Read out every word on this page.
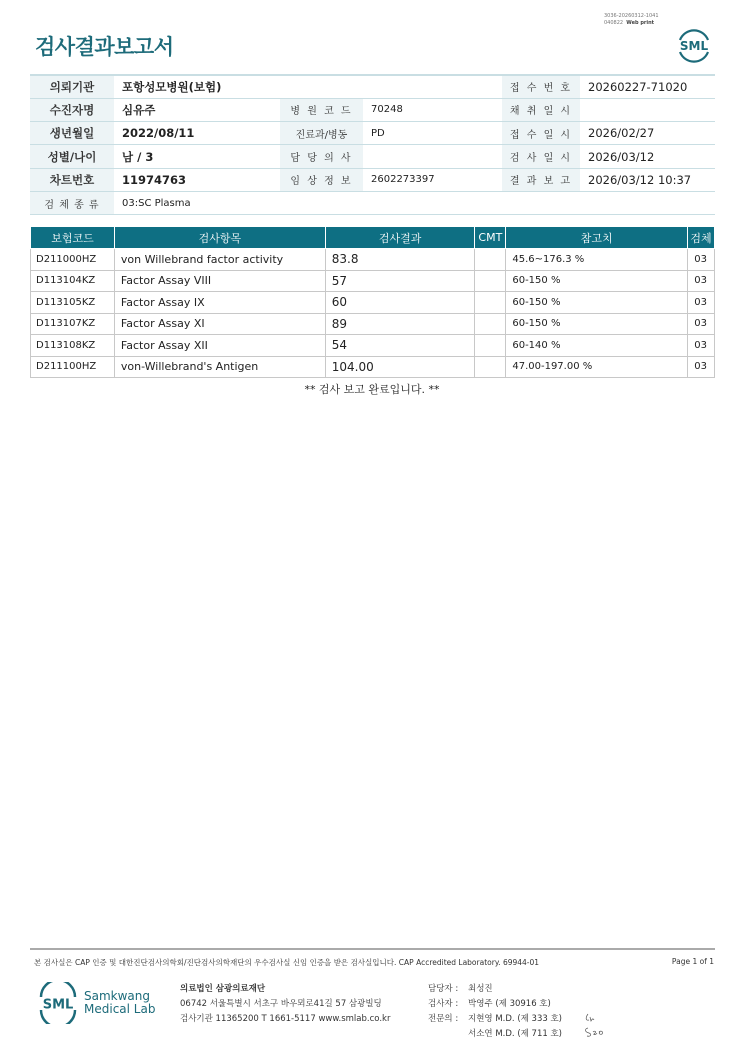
3036-20260312-1041
040822 Web print
검사결과보고서	SML
의뢰기관	포항성모병원(보험)			접 수 번 호	20260227-71020
수진자명	심유주	병 원 코 드	70248	채 취 일 시	
생년월일	2022/08/11	진료과/병동	PD	접 수 일 시	2026/02/27
성별/나이	남 / 3	담 당 의 사		검 사 일 시	2026/03/12
차트번호	11974763	임 상 정 보	2602273397	결 과 보 고	2026/03/12 10:37
검 체 종 류	03:SC Plasma				
보험코드	검사항목	검사결과	CMT	참고치	검체
D211000HZ	von Willebrand factor activity	83.8		45.6~176.3 %	03
D113104KZ	Factor Assay VIII	57		60-150 %	03
D113105KZ	Factor Assay IX	60		60-150 %	03
D113107KZ	Factor Assay XI	89		60-150 %	03
D113108KZ	Factor Assay XII	54		60-140 %	03
D211100HZ	von-Willebrand's Antigen	104.00		47.00-197.00 %	03
** 검사 보고 완료입니다. **
본 검사실은 CAP 인증 및 대한진단검사의학회/진단검사의학재단의 우수검사실 신임 인증을 받은 검사실입니다. CAP Accredited Laboratory. 69944-01	Page 1 of 1
SML
Samkwang
Medical Lab
의료법인 삼광의료재단
06742 서울특별시 서초구 바우뫼로41길 57 삼광빌딩
검사기관 11365200 T 1661-5117 www.smlab.co.kr
담당자 :	최성진
검사자 :	박영주 (제 30916 호)
전문의 :	지현영 M.D. (제 333 호)
서소연 M.D. (제 711 호)
